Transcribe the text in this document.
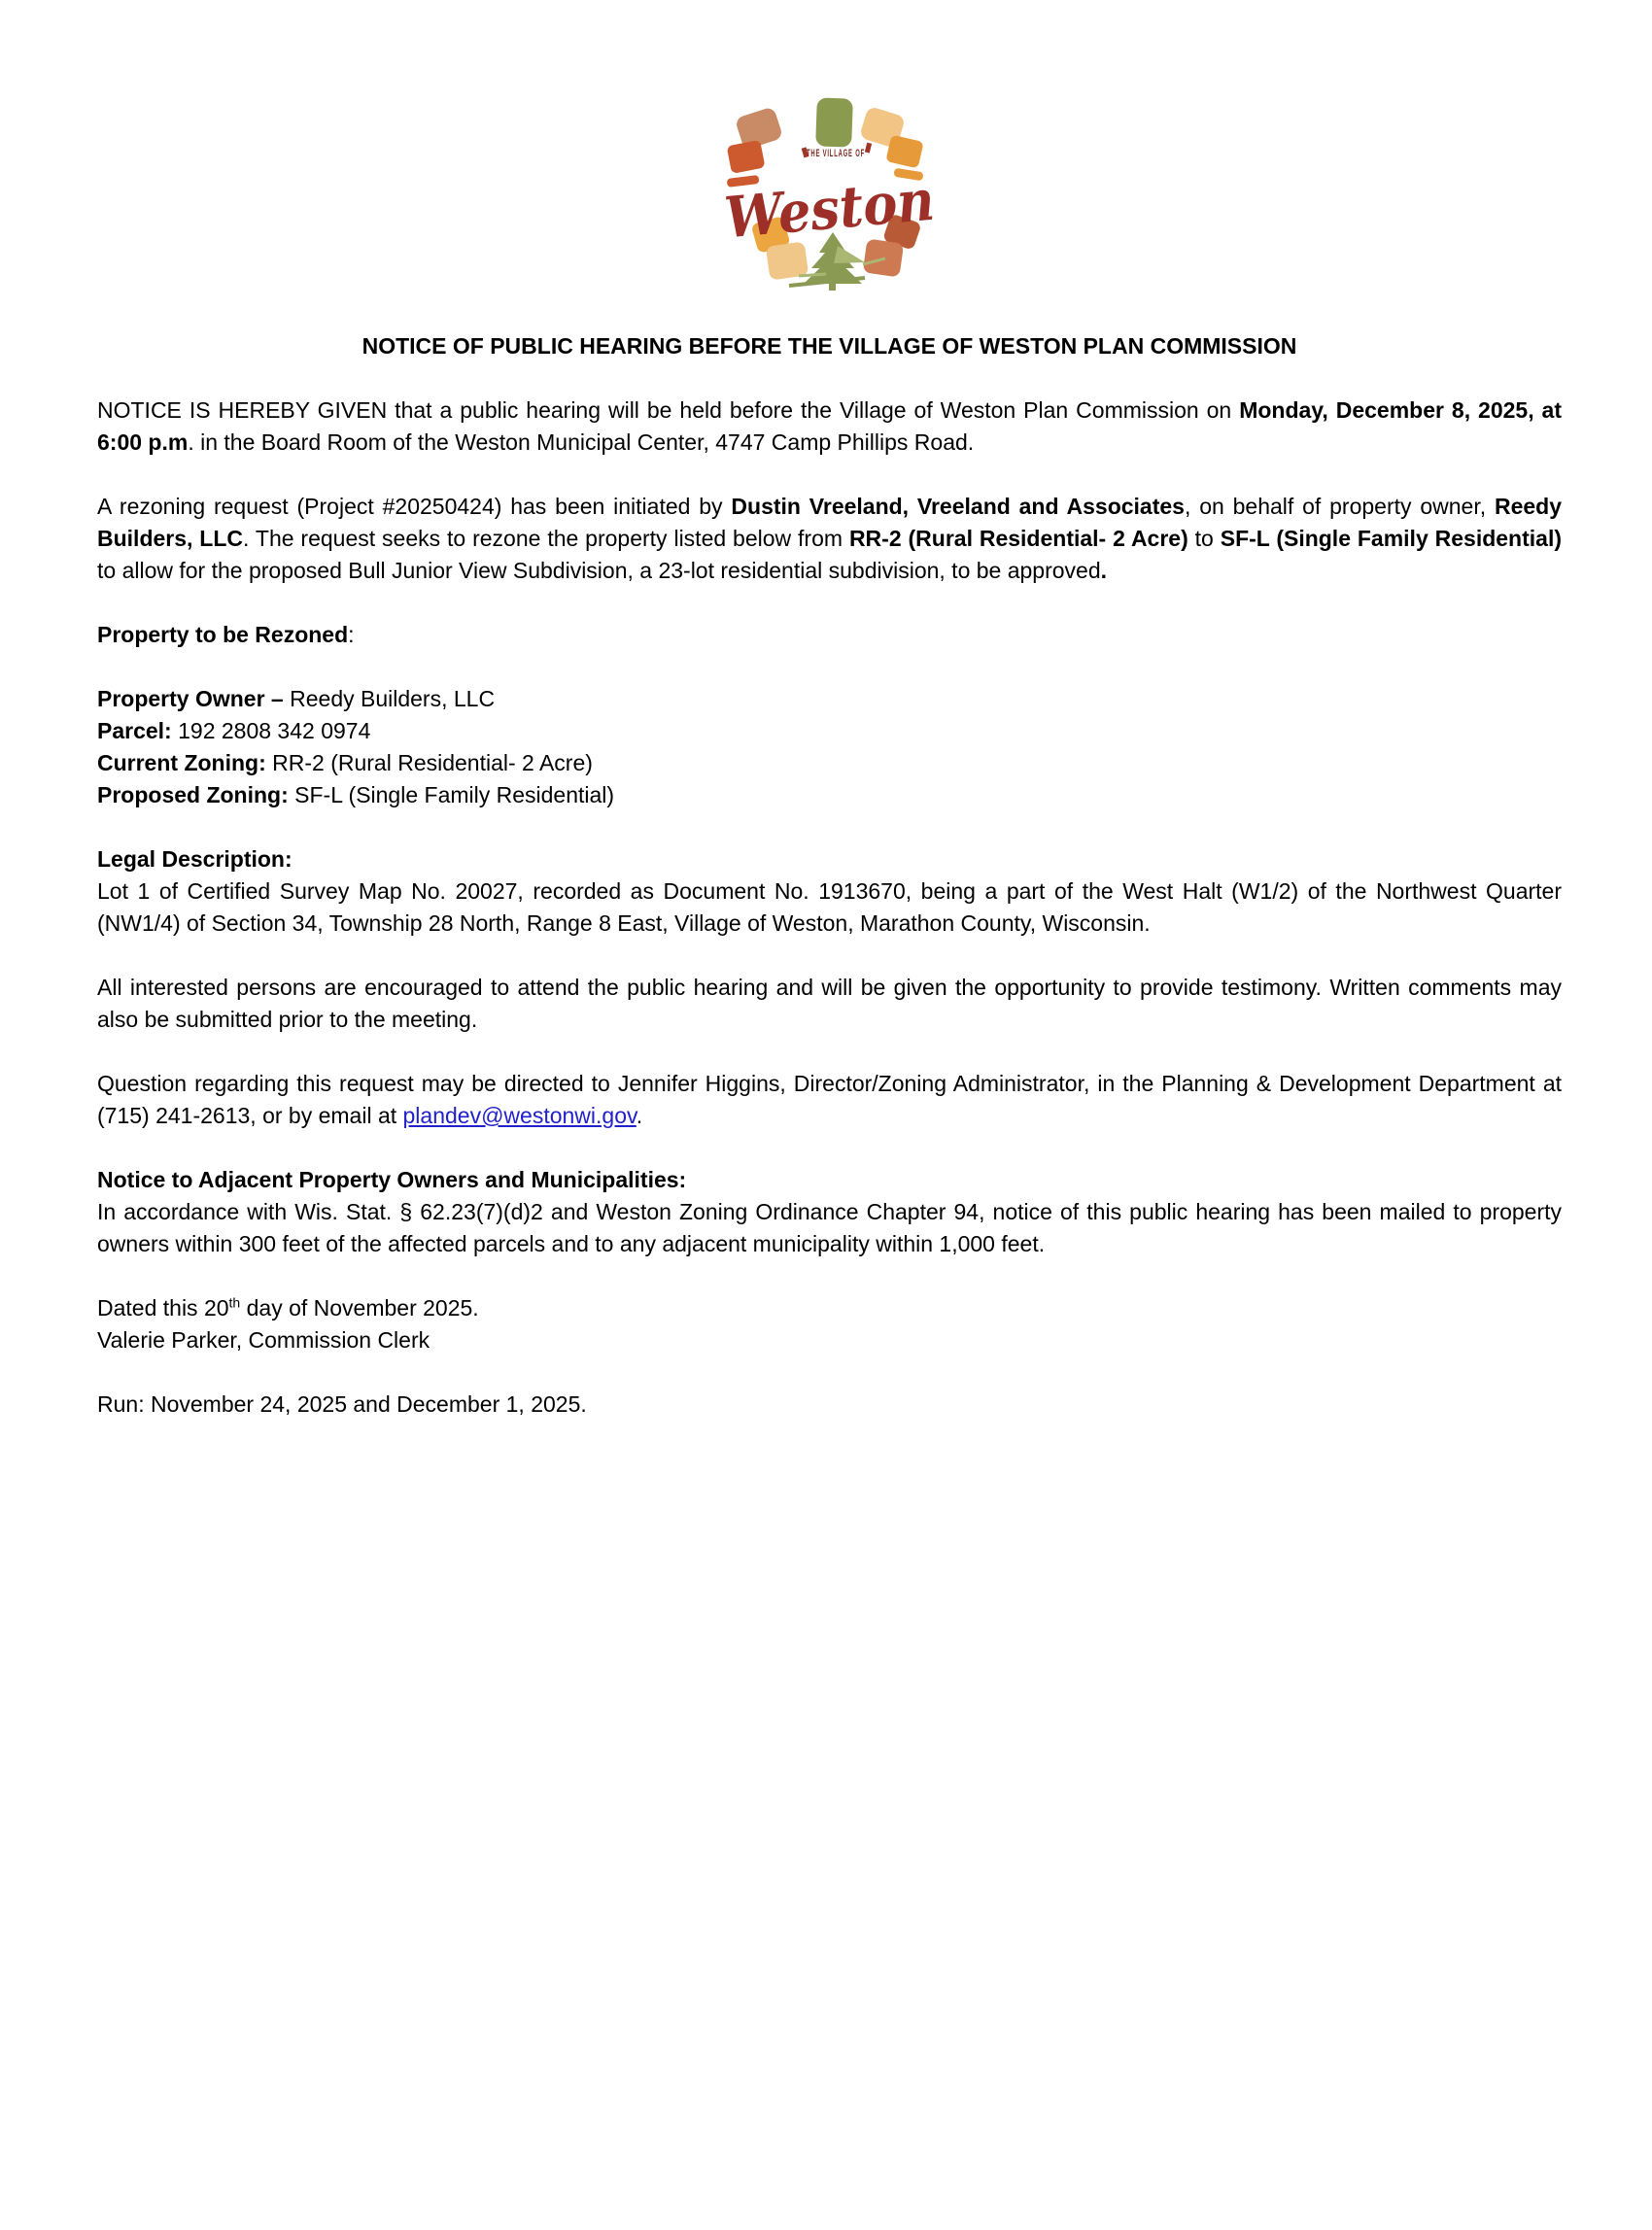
THE VILLAGE OF
Weston
NOTICE OF PUBLIC HEARING BEFORE THE VILLAGE OF WESTON PLAN COMMISSION

NOTICE IS HEREBY GIVEN that a public hearing will be held before the Village of Weston Plan Commission on Monday, December 8, 2025, at 6:00 p.m. in the Board Room of the Weston Municipal Center, 4747 Camp Phillips Road.

A rezoning request (Project #20250424) has been initiated by Dustin Vreeland, Vreeland and Associates, on behalf of property owner, Reedy Builders, LLC. The request seeks to rezone the property listed below from RR-2 (Rural Residential- 2 Acre) to SF-L (Single Family Residential) to allow for the proposed Bull Junior View Subdivision, a 23-lot residential subdivision, to be approved.

Property to be Rezoned:

Property Owner – Reedy Builders, LLC
Parcel: 192 2808 342 0974
Current Zoning: RR-2 (Rural Residential- 2 Acre)
Proposed Zoning: SF-L (Single Family Residential)
Legal Description:
Lot 1 of Certified Survey Map No. 20027, recorded as Document No. 1913670, being a part of the West Halt (W1/2) of the Northwest Quarter (NW1/4) of Section 34, Township 28 North, Range 8 East, Village of Weston, Marathon County, Wisconsin.

All interested persons are encouraged to attend the public hearing and will be given the opportunity to provide testimony. Written comments may also be submitted prior to the meeting.

Question regarding this request may be directed to Jennifer Higgins, Director/Zoning Administrator, in the Planning & Development Department at (715) 241-2613, or by email at plandev@westonwi.gov.

Notice to Adjacent Property Owners and Municipalities:
In accordance with Wis. Stat. § 62.23(7)(d)2 and Weston Zoning Ordinance Chapter 94, notice of this public hearing has been mailed to property owners within 300 feet of the affected parcels and to any adjacent municipality within 1,000 feet.
Dated this 20th day of November 2025.
Valerie Parker, Commission Clerk

Run: November 24, 2025 and December 1, 2025.
